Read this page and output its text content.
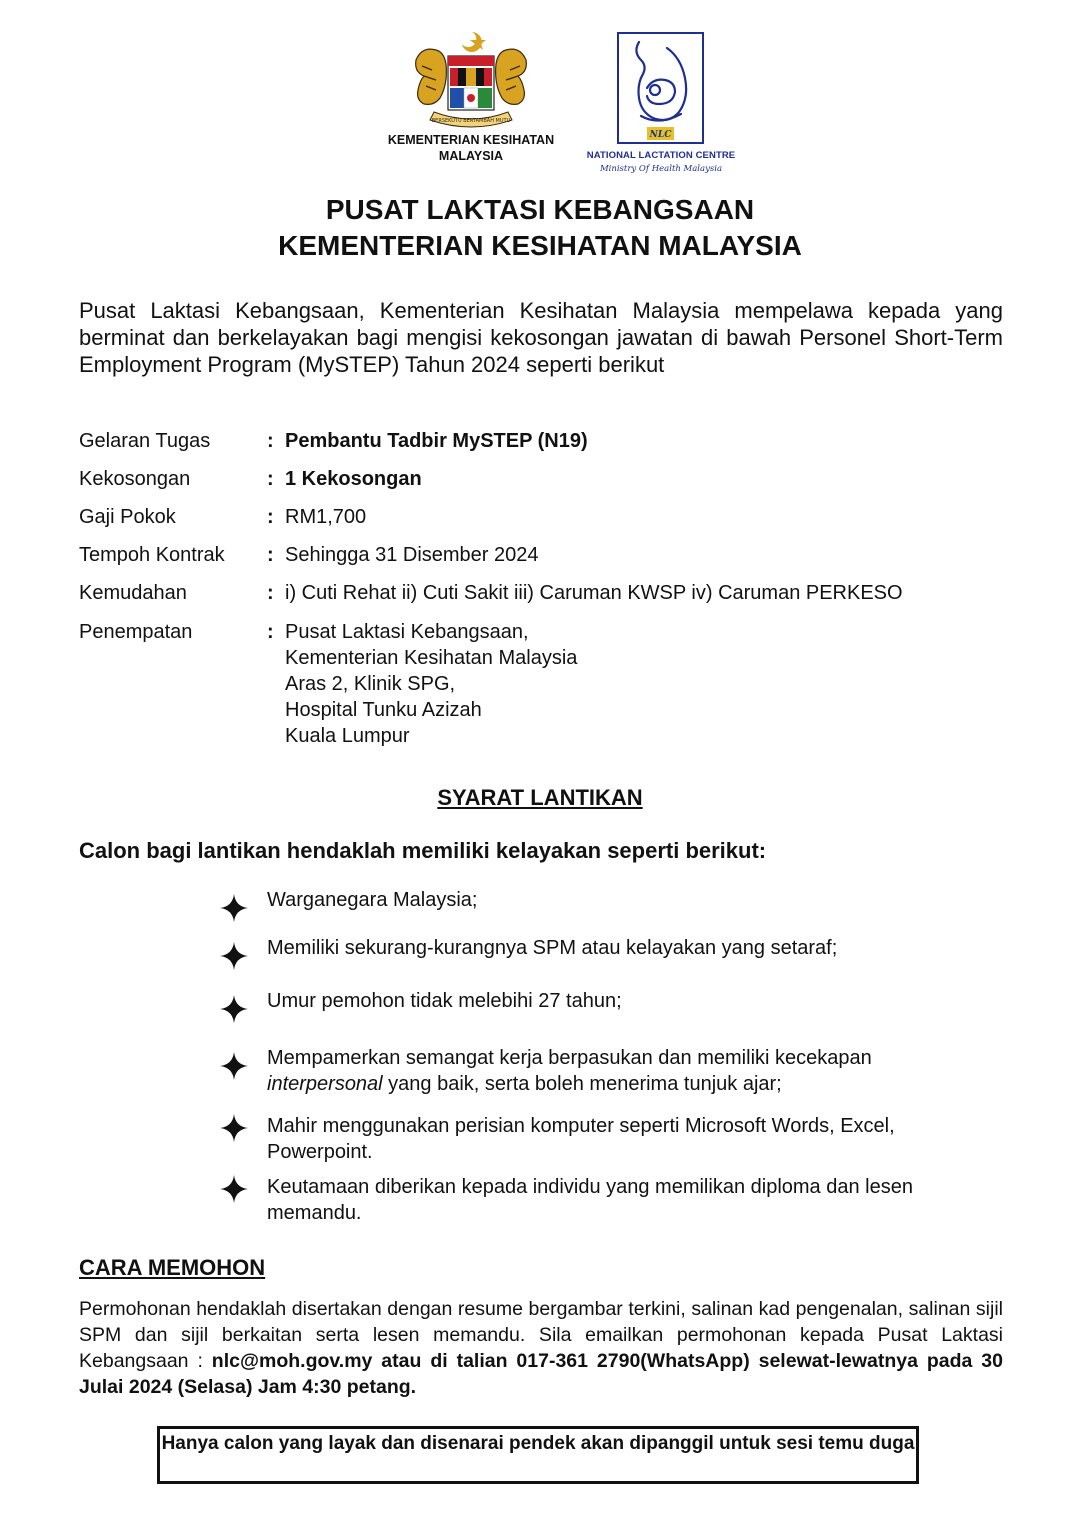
BERSEKUTU BERTAMBAH MUTU
KEMENTERIAN KESIHATAN
MALAYSIA
NLC
NATIONAL LACTATION CENTRE
Ministry Of Health Malaysia
PUSAT LAKTASI KEBANGSAAN
KEMENTERIAN KESIHATAN MALAYSIA
Pusat Laktasi Kebangsaan, Kementerian Kesihatan Malaysia mempelawa kepada yang berminat dan berkelayakan bagi mengisi kekosongan jawatan di bawah Personel Short-Term Employment Program (MySTEP) Tahun 2024 seperti berikut
Gelaran Tugas	: Pembantu Tadbir MySTEP (N19)
Kekosongan	: 1 Kekosongan
Gaji Pokok	: RM1,700
Tempoh Kontrak : Sehingga 31 Disember 2024
Kemudahan	: i) Cuti Rehat ii) Cuti Sakit iii) Caruman KWSP iv) Caruman PERKESO
Penempatan	: Pusat Laktasi Kebangsaan,
Kementerian Kesihatan Malaysia
Aras 2, Klinik SPG,
Hospital Tunku Azizah
Kuala Lumpur
SYARAT LANTIKAN
Calon bagi lantikan hendaklah memiliki kelayakan seperti berikut:
Warganegara Malaysia;
Memiliki sekurang-kurangnya SPM atau kelayakan yang setaraf;
Umur pemohon tidak melebihi 27 tahun;
Mempamerkan semangat kerja berpasukan dan memiliki kecekapan
interpersonal yang baik, serta boleh menerima tunjuk ajar;
Mahir menggunakan perisian komputer seperti Microsoft Words, Excel, Powerpoint.
Keutamaan diberikan kepada individu yang memilikan diploma dan lesen memandu.
CARA MEMOHON
Permohonan hendaklah disertakan dengan resume bergambar terkini, salinan kad pengenalan, salinan sijil SPM dan sijil berkaitan serta lesen memandu. Sila emailkan permohonan kepada Pusat Laktasi Kebangsaan : nlc@moh.gov.my atau di talian 017-361 2790(WhatsApp) selewat-lewatnya pada 30 Julai 2024 (Selasa) Jam 4:30 petang.
Hanya calon yang layak dan disenarai pendek akan dipanggil untuk sesi temu duga
